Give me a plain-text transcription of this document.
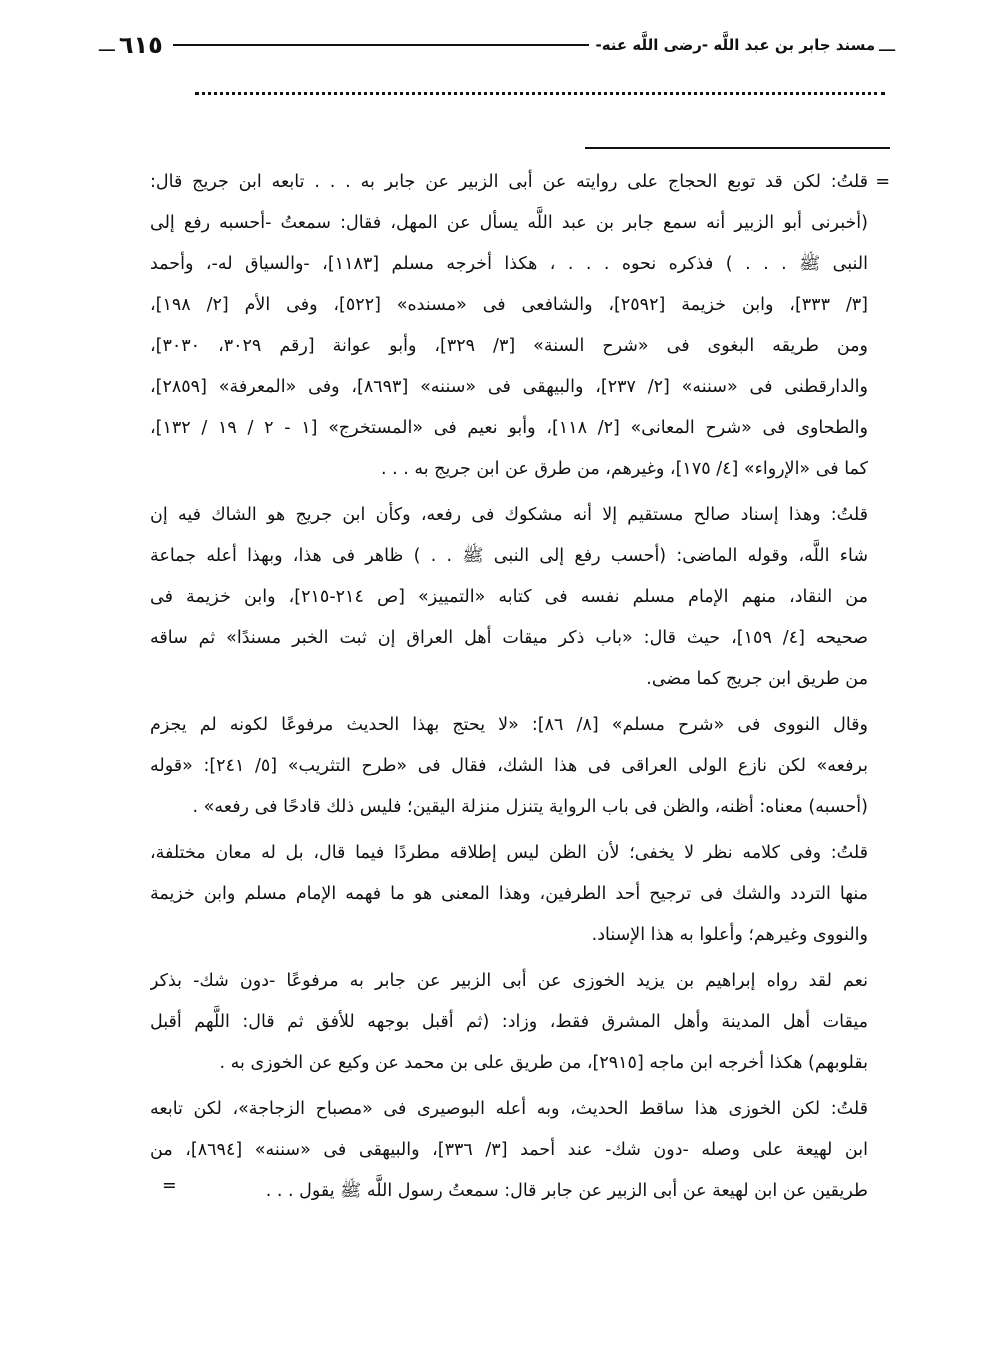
ـــ
مسند جابر بن عبد اللَّه -رضى اللَّه عنه-
٦١٥
ـــ
=
قلتُ: لكن قد توبع الحجاج على روايته عن أبى الزبير عن جابر به . . . تابعه ابن جريج قال:
(أخبرنى أبو الزبير أنه سمع جابر بن عبد اللَّه يسأل عن المهل، فقال: سمعتُ -أحسبه رفع إلى
النبى ﷺ . . . ) فذكره نحوه . . . ، هكذا أخرجه مسلم [١١٨٣]، -والسياق له-، وأحمد
[٣/ ٣٣٣]، وابن خزيمة [٢٥٩٢]، والشافعى فى «مسنده» [٥٢٢]، وفى الأم [٢/ ١٩٨]،
ومن طريقه البغوى فى «شرح السنة» [٣/ ٣٢٩]، وأبو عوانة [رقم ٣٠٢٩، ٣٠٣٠]،
والدارقطنى فى «سننه» [٢/ ٢٣٧]، والبيهقى فى «سننه» [٨٦٩٣]، وفى «المعرفة» [٢٨٥٩]،
والطحاوى فى «شرح المعانى» [٢/ ١١٨]، وأبو نعيم فى «المستخرج» [١ - ٢ / ١٩ / ١٣٢]،
كما فى «الإرواء» [٤/ ١٧٥]، وغيرهم، من طرق عن ابن جريج به . . .
قلتُ: وهذا إسناد صالح مستقيم إلا أنه مشكوك فى رفعه، وكأن ابن جريج هو الشاك فيه إن
شاء اللَّه، وقوله الماضى: (أحسب رفع إلى النبى ﷺ . . ) ظاهر فى هذا، وبهذا أعله جماعة
من النقاد، منهم الإمام مسلم نفسه فى كتابه «التمييز» [ص ٢١٤-٢١٥]، وابن خزيمة فى
صحيحه [٤/ ١٥٩]، حيث قال: «باب ذكر ميقات أهل العراق إن ثبت الخبر مسندًا» ثم ساقه
من طريق ابن جريج كما مضى.
وقال النووى فى «شرح مسلم» [٨/ ٨٦]: «لا يحتج بهذا الحديث مرفوعًا لكونه لم يجزم
برفعه» لكن نازع الولى العراقى فى هذا الشك، فقال فى «طرح التثريب» [٥/ ٢٤١]: «قوله
(أحسبه) معناه: أظنه، والظن فى باب الرواية يتنزل منزلة اليقين؛ فليس ذلك قادحًا فى رفعه» .
قلتُ: وفى كلامه نظر لا يخفى؛ لأن الظن ليس إطلاقه مطردًا فيما قال، بل له معان مختلفة،
منها التردد والشك فى ترجيح أحد الطرفين، وهذا المعنى هو ما فهمه الإمام مسلم وابن خزيمة
والنووى وغيرهم؛ وأعلوا به هذا الإسناد.
نعم لقد رواه إبراهيم بن يزيد الخوزى عن أبى الزبير عن جابر به مرفوعًا -دون شك- بذكر
ميقات أهل المدينة وأهل المشرق فقط، وزاد: (ثم أقبل بوجهه للأفق ثم قال: اللَّهم أقبل
بقلوبهم) هكذا أخرجه ابن ماجه [٢٩١٥]، من طريق على بن محمد عن وكيع عن الخوزى به .
قلتُ: لكن الخوزى هذا ساقط الحديث، وبه أعله البوصيرى فى «مصباح الزجاجة»، لكن تابعه
ابن لهيعة على وصله -دون شك- عند أحمد [٣/ ٣٣٦]، والبيهقى فى «سننه» [٨٦٩٤]، من
طريقين عن ابن لهيعة عن أبى الزبير عن جابر قال: سمعتُ رسول اللَّه ﷺ يقول . . .
=
